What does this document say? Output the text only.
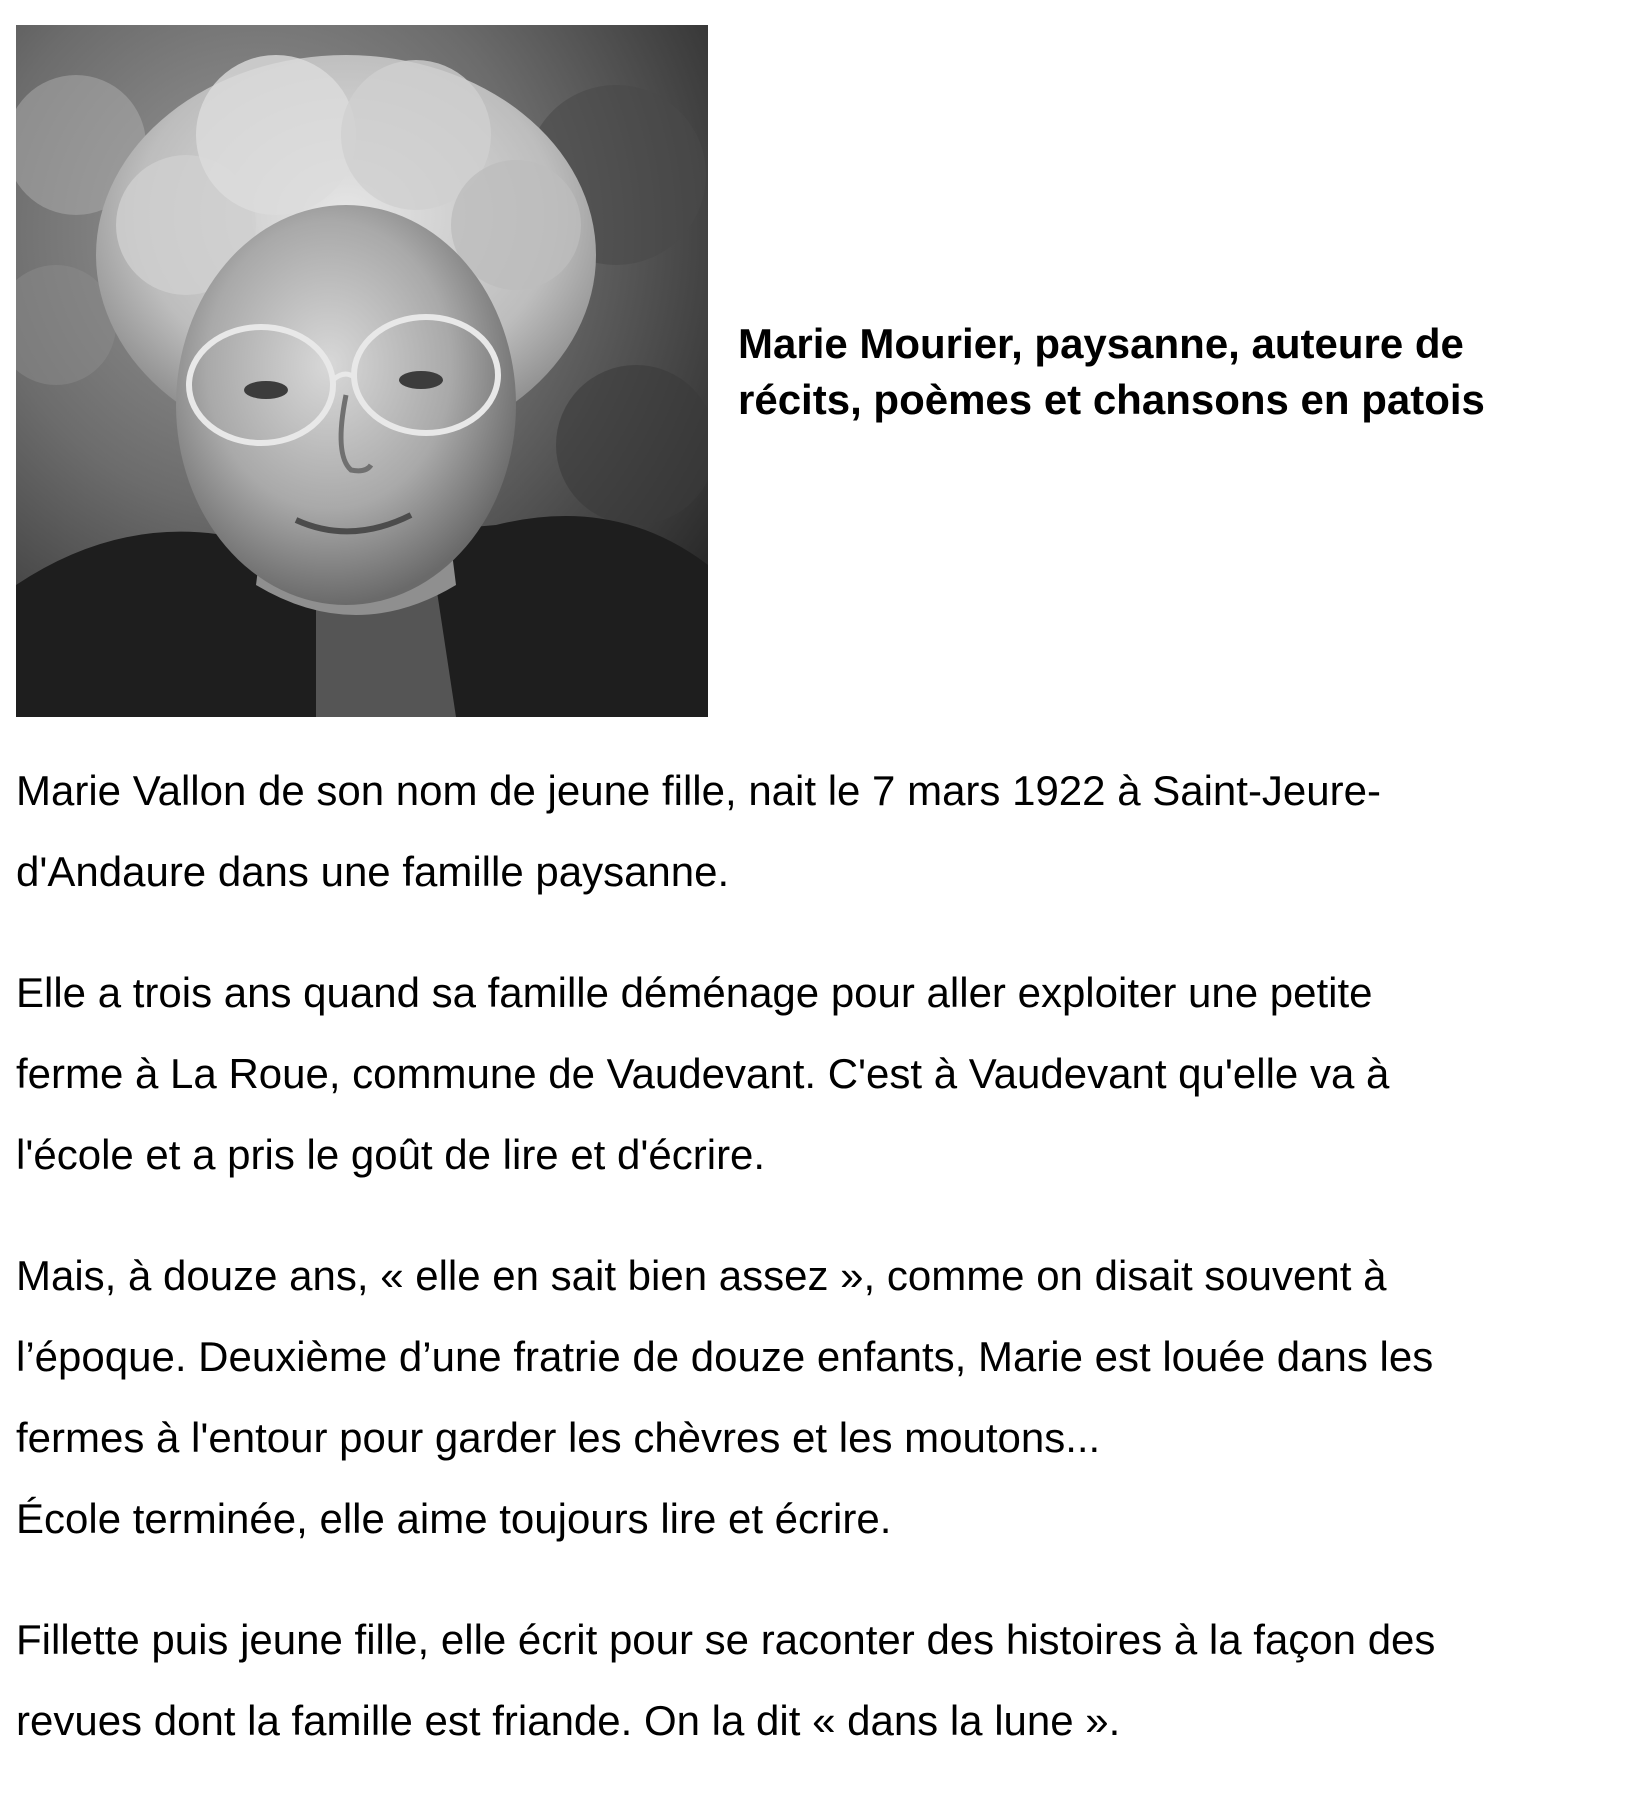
Marie Mourier, paysanne, auteure de
récits, poèmes et chansons en patois

Marie Vallon de son nom de jeune fille, nait le 7 mars 1922 à Saint-Jeure-
d'Andaure dans une famille paysanne.

Elle a trois ans quand sa famille déménage pour aller exploiter une petite
ferme à La Roue, commune de Vaudevant. C'est à Vaudevant qu'elle va à
l'école et a pris le goût de lire et d'écrire.

Mais, à douze ans, « elle en sait bien assez », comme on disait souvent à
l’époque. Deuxième d’une fratrie de douze enfants, Marie est louée dans les
fermes à l'entour pour garder les chèvres et les moutons...
École terminée, elle aime toujours lire et écrire.

Fillette puis jeune fille, elle écrit pour se raconter des histoires à la façon des
revues dont la famille est friande. On la dit « dans la lune ».
